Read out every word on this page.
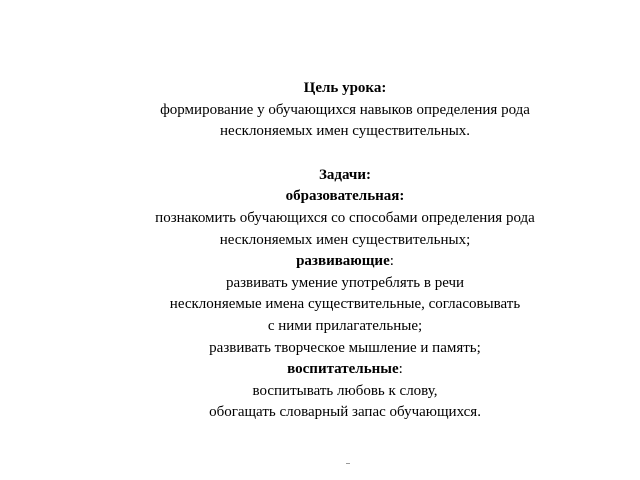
Цель урока:
формирование у обучающихся навыков определения рода
несклоняемых имен существительных.
Задачи:
образовательная:
познакомить обучающихся со способами определения рода
несклоняемых имен существительных;
развивающие:
развивать умение употреблять в речи
несклоняемые имена существительные, согласовывать
с ними прилагательные;
развивать творческое мышление и память;
воспитательные:
воспитывать любовь к слову,
обогащать словарный запас обучающихся.
